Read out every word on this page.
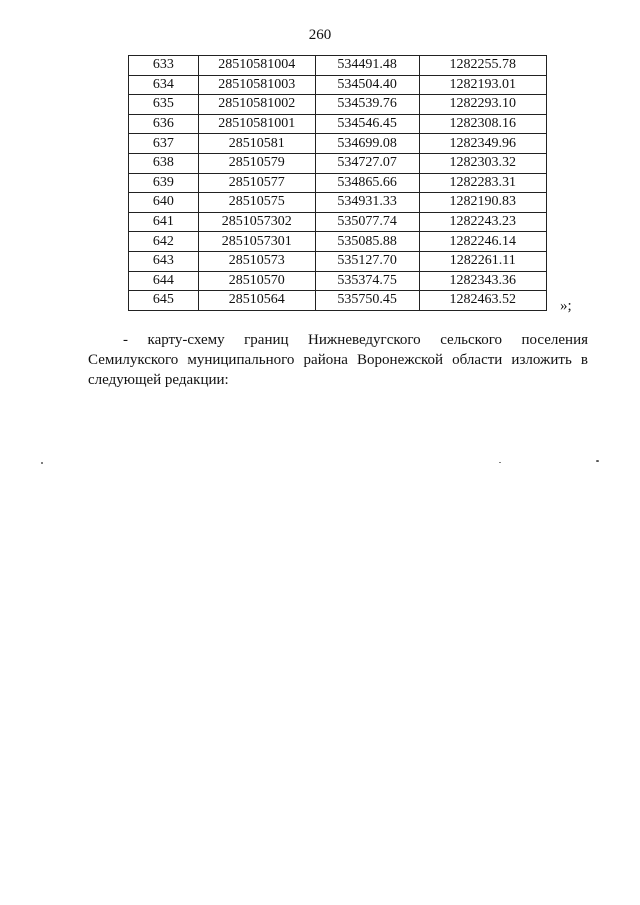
260
633	28510581004	534491.48	1282255.78
634	28510581003	534504.40	1282193.01
635	28510581002	534539.76	1282293.10
636	28510581001	534546.45	1282308.16
637	28510581	534699.08	1282349.96
638	28510579	534727.07	1282303.32
639	28510577	534865.66	1282283.31
640	28510575	534931.33	1282190.83
641	2851057302	535077.74	1282243.23
642	2851057301	535085.88	1282246.14
643	28510573	535127.70	1282261.11
644	28510570	535374.75	1282343.36
645	28510564	535750.45	1282463.52	»;

- карту-схему границ Нижневедугского сельского поселения Семилукского муниципального района Воронежской области изложить в следующей редакции:
